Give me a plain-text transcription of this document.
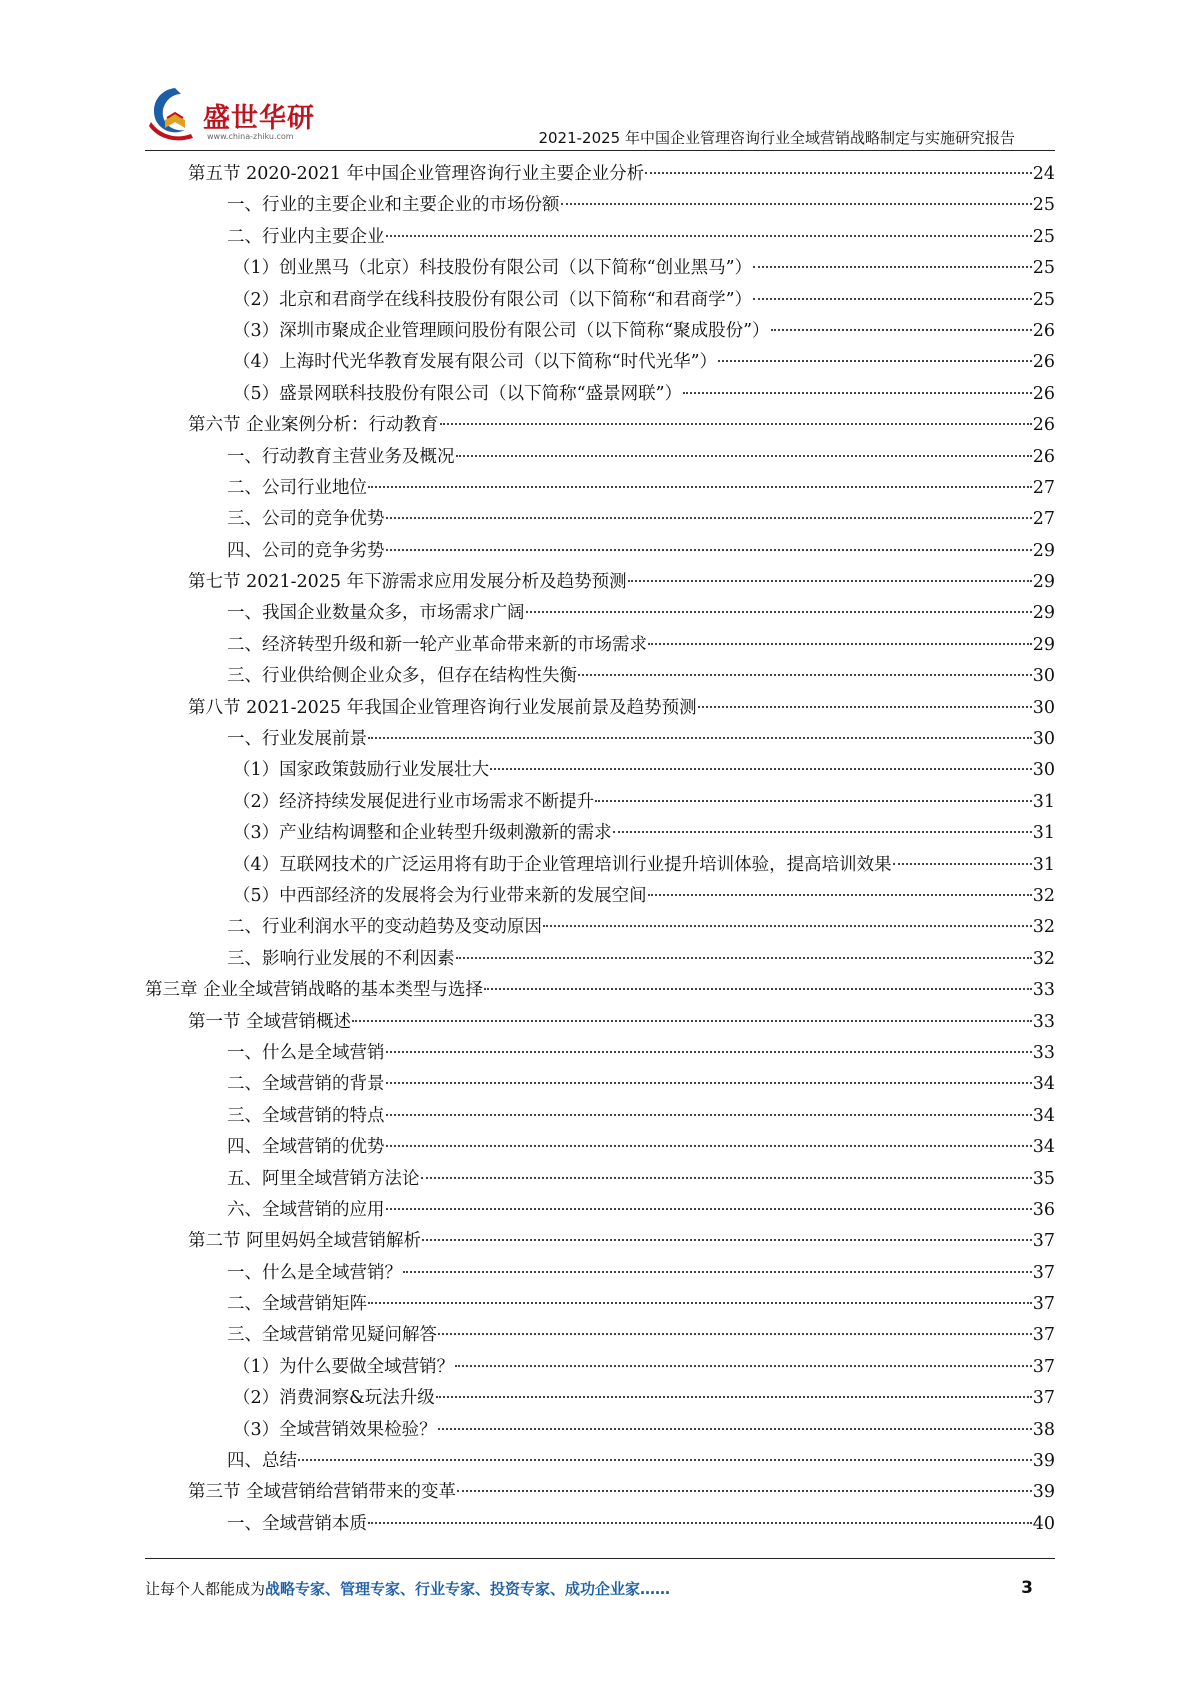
盛世华研
www.china-zhiku.com	2021-2025 年中国企业管理咨询行业全域营销战略制定与实施研究报告
第五节 2020-2021 年中国企业管理咨询行业主要企业分析	24
一、行业的主要企业和主要企业的市场份额	25
二、行业内主要企业	25
（1）创业黑马（北京）科技股份有限公司（以下简称“创业黑马”）	25
（2）北京和君商学在线科技股份有限公司（以下简称“和君商学”）	25
（3）深圳市聚成企业管理顾问股份有限公司（以下简称“聚成股份”）	26
（4）上海时代光华教育发展有限公司（以下简称“时代光华”）	26
（5）盛景网联科技股份有限公司（以下简称“盛景网联”）	26
第六节 企业案例分析：行动教育	26
一、行动教育主营业务及概况	26
二、公司行业地位	27
三、公司的竞争优势	27
四、公司的竞争劣势	29
第七节 2021-2025 年下游需求应用发展分析及趋势预测	29
一、我国企业数量众多，市场需求广阔	29
二、经济转型升级和新一轮产业革命带来新的市场需求	29
三、行业供给侧企业众多，但存在结构性失衡	30
第八节 2021-2025 年我国企业管理咨询行业发展前景及趋势预测	30
一、行业发展前景	30
（1）国家政策鼓励行业发展壮大	30
（2）经济持续发展促进行业市场需求不断提升	31
（3）产业结构调整和企业转型升级刺激新的需求	31
（4）互联网技术的广泛运用将有助于企业管理培训行业提升培训体验，提高培训效果	31
（5）中西部经济的发展将会为行业带来新的发展空间	32
二、行业利润水平的变动趋势及变动原因	32
三、影响行业发展的不利因素	32
第三章 企业全域营销战略的基本类型与选择	33
第一节 全域营销概述	33
一、什么是全域营销	33
二、全域营销的背景	34
三、全域营销的特点	34
四、全域营销的优势	34
五、阿里全域营销方法论	35
六、全域营销的应用	36
第二节 阿里妈妈全域营销解析	37
一、什么是全域营销？	37
二、全域营销矩阵	37
三、全域营销常见疑问解答	37
（1）为什么要做全域营销？	37
（2）消费洞察&玩法升级	37
（3）全域营销效果检验？	38
四、总结	39
第三节 全域营销给营销带来的变革	39
一、全域营销本质	40
让每个人都能成为战略专家、管理专家、行业专家、投资专家、成功企业家……	3
